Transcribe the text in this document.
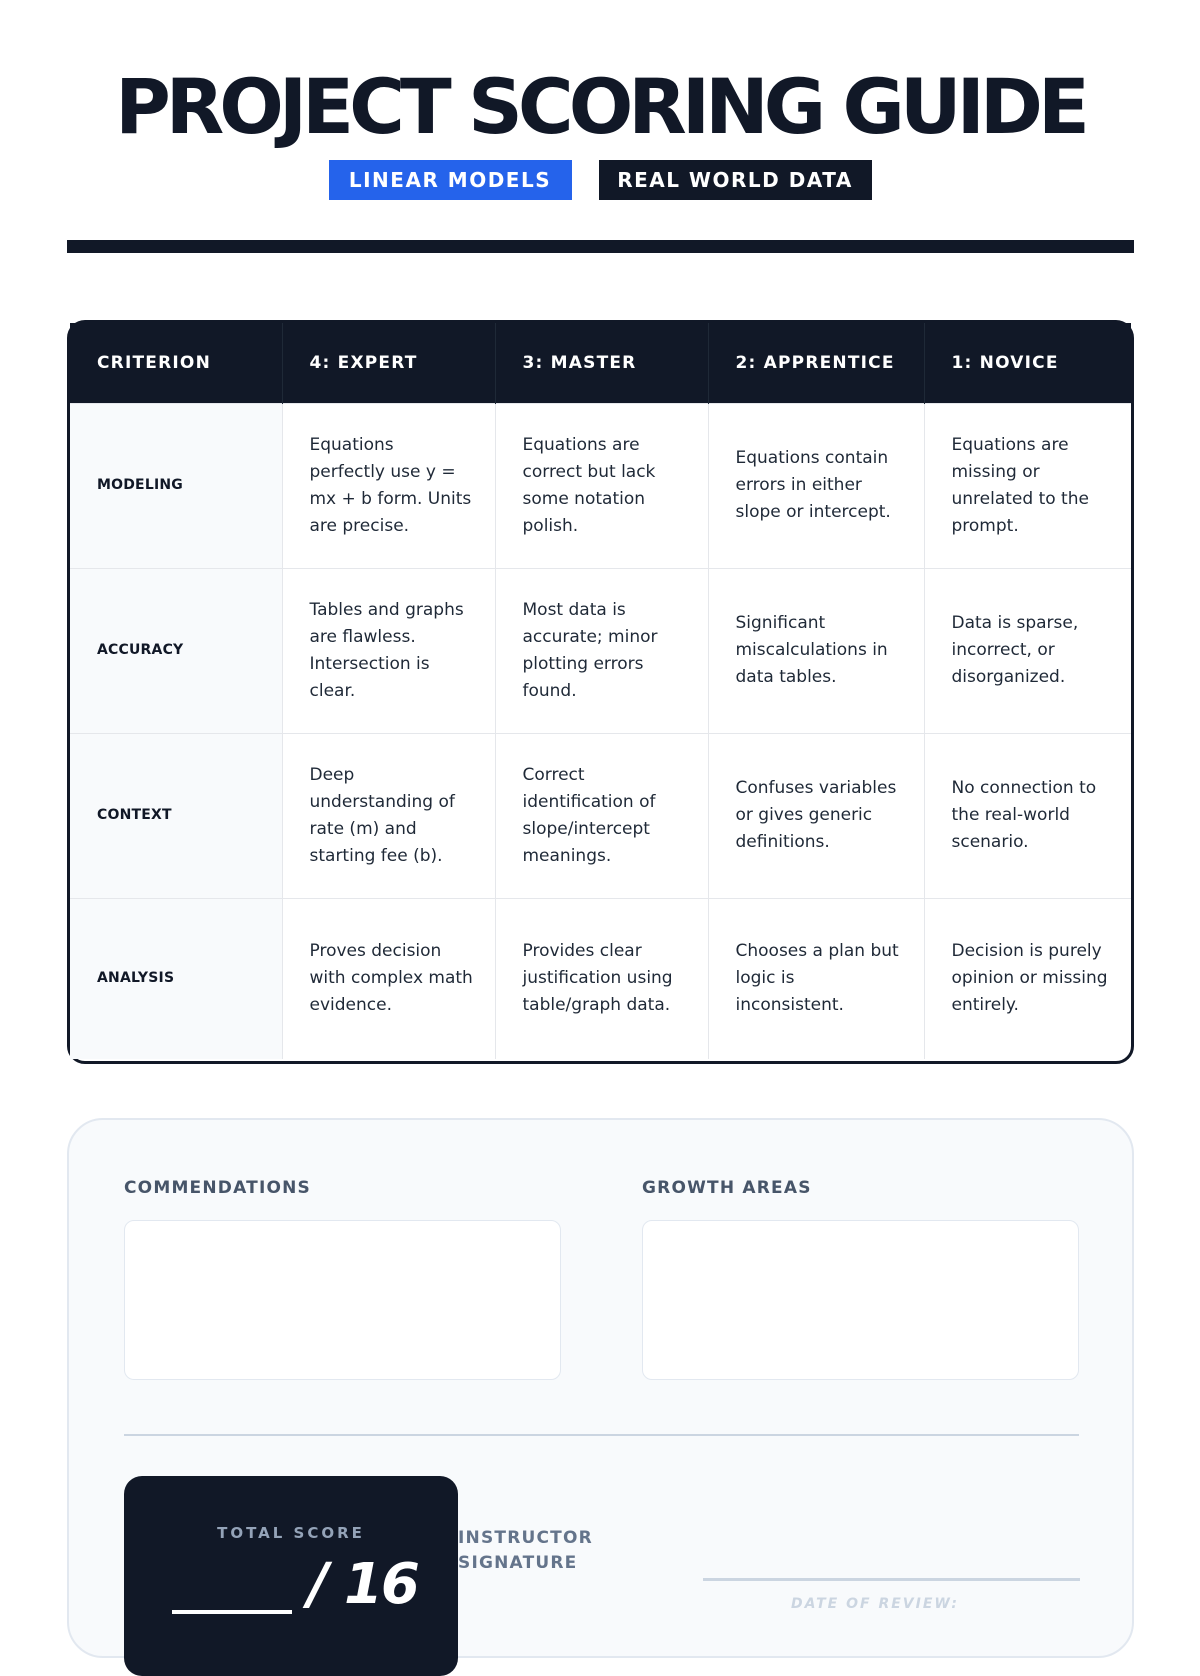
PROJECT SCORING GUIDE
LINEAR MODELS	REAL WORLD DATA
CRITERION	4: EXPERT	3: MASTER	2: APPRENTICE	1: NOVICE
MODELING	Equations perfectly use y = mx + b form. Units are precise.	Equations are correct but lack some notation polish.	Equations contain errors in either slope or intercept.	Equations are missing or unrelated to the prompt.
ACCURACY	Tables and graphs are flawless. Intersection is clear.	Most data is accurate; minor plotting errors found.	Significant miscalculations in data tables.	Data is sparse, incorrect, or disorganized.
CONTEXT	Deep understanding of rate (m) and starting fee (b).	Correct identification of slope/intercept meanings.	Confuses variables or gives generic definitions.	No connection to the real-world scenario.
ANALYSIS	Proves decision with complex math evidence.	Provides clear justification using table/graph data.	Chooses a plan but logic is inconsistent.	Decision is purely opinion or missing entirely.
COMMENDATIONS	GROWTH AREAS
TOTAL SCORE
/ 16
INSTRUCTOR SIGNATURE
DATE OF REVIEW:
